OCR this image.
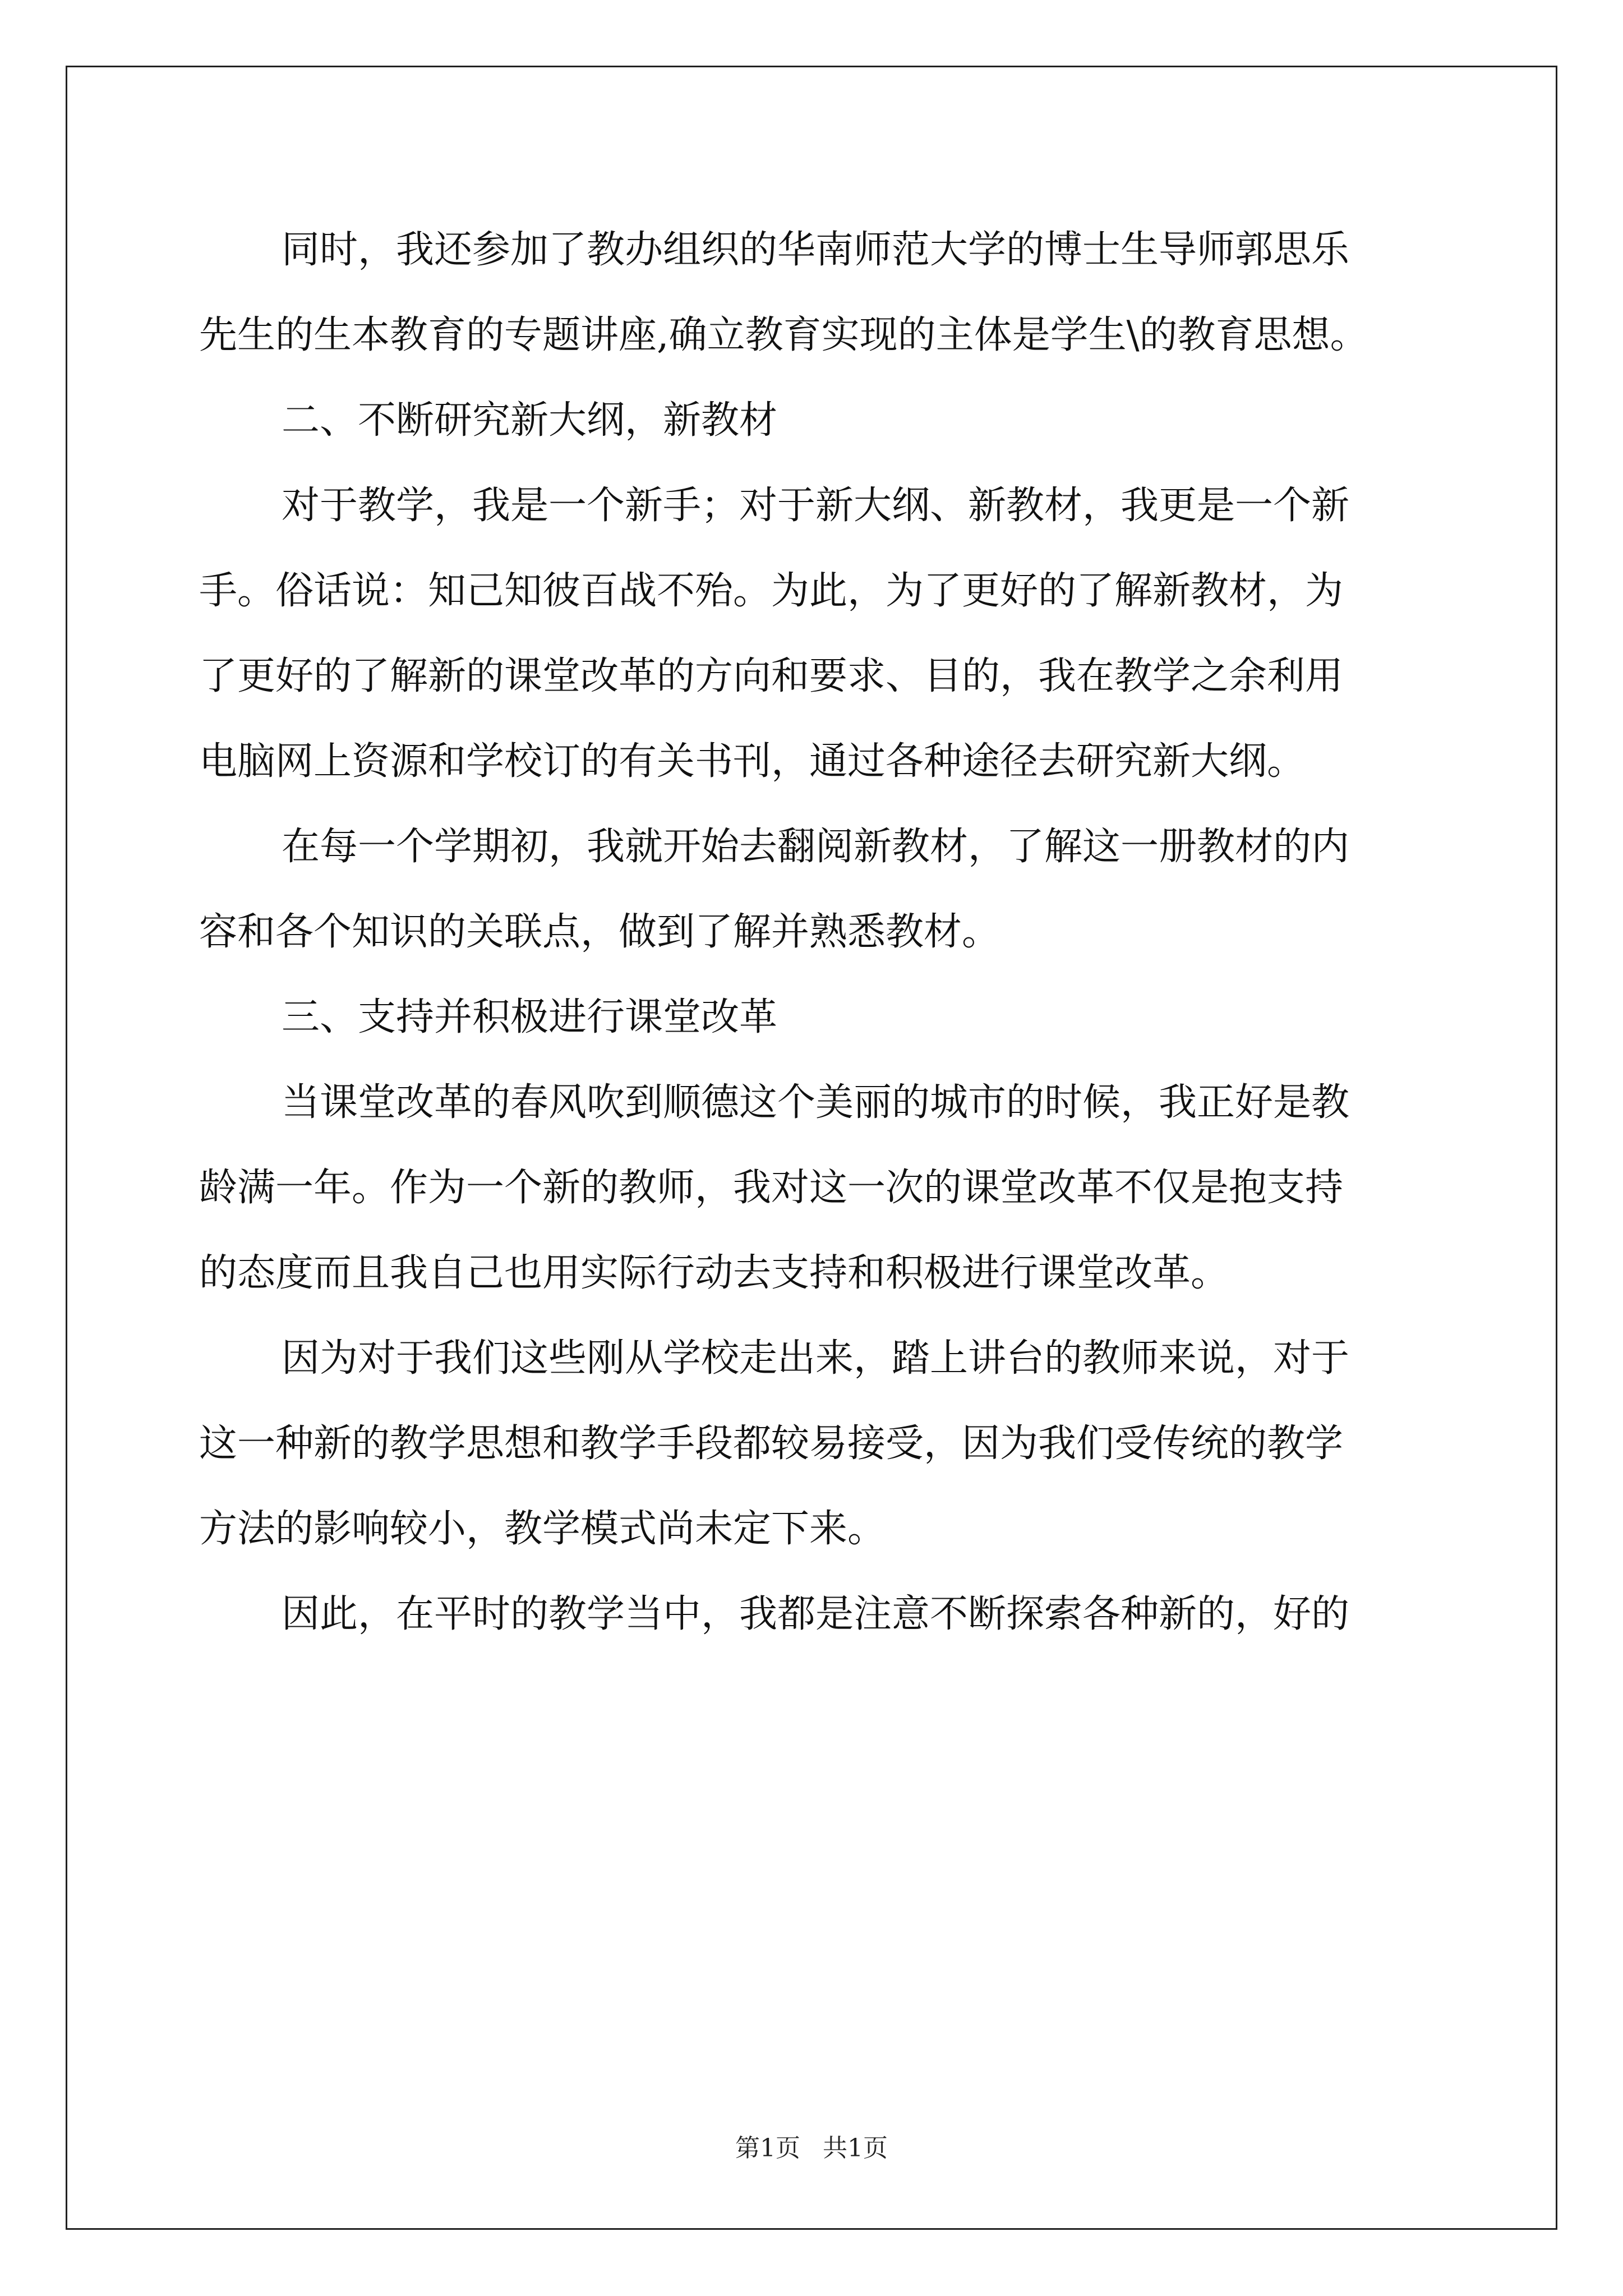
同时，我还参加了教办组织的华南师范大学的博士生导师郭思乐

先生的生本教育的专题讲座,确立教育实现的主体是学生\的教育思想。

二、不断研究新大纲，新教材

对于教学，我是一个新手；对于新大纲、新教材，我更是一个新

手。俗话说：知己知彼百战不殆。为此，为了更好的了解新教材，为

了更好的了解新的课堂改革的方向和要求、目的，我在教学之余利用

电脑网上资源和学校订的有关书刊，通过各种途径去研究新大纲。

在每一个学期初，我就开始去翻阅新教材，了解这一册教材的内

容和各个知识的关联点，做到了解并熟悉教材。

三、支持并积极进行课堂改革

当课堂改革的春风吹到顺德这个美丽的城市的时候，我正好是教

龄满一年。作为一个新的教师，我对这一次的课堂改革不仅是抱支持

的态度而且我自己也用实际行动去支持和积极进行课堂改革。

因为对于我们这些刚从学校走出来，踏上讲台的教师来说，对于

这一种新的教学思想和教学手段都较易接受，因为我们受传统的教学

方法的影响较小，教学模式尚未定下来。

因此，在平时的教学当中，我都是注意不断探索各种新的，好的

第1页 共1页
